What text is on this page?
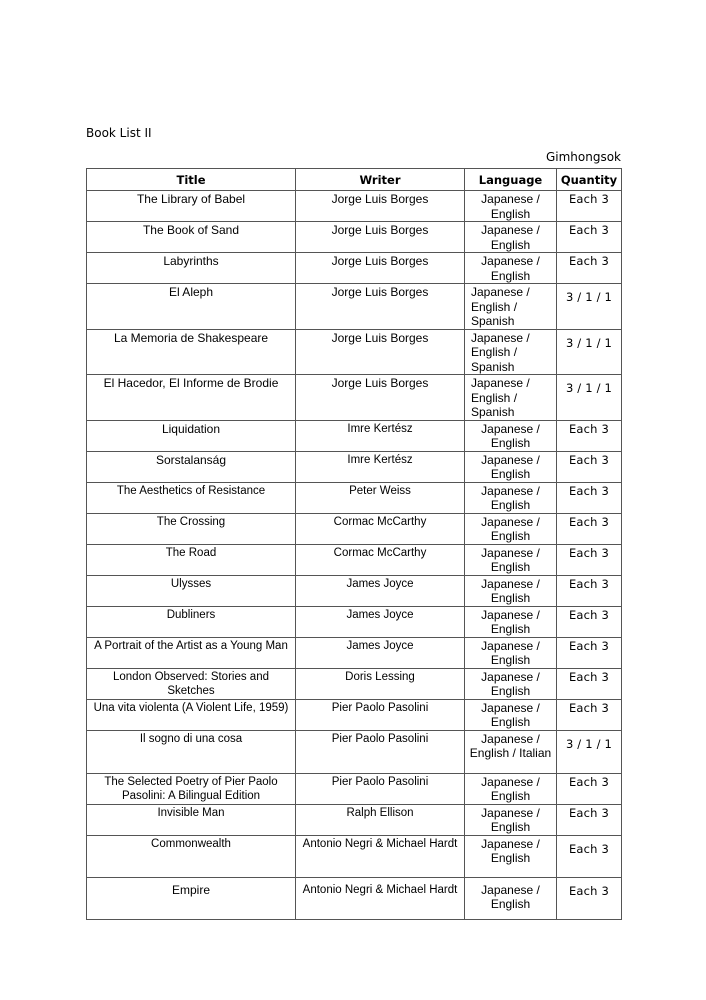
Book List II
Gimhongsok
Title	Writer	Language	Quantity
The Library of Babel	Jorge Luis Borges	Japanese / English	Each 3
The Book of Sand	Jorge Luis Borges	Japanese / English	Each 3
Labyrinths	Jorge Luis Borges	Japanese / English	Each 3
El Aleph	Jorge Luis Borges	Japanese / English / Spanish	3 / 1 / 1
La Memoria de Shakespeare	Jorge Luis Borges	Japanese / English / Spanish	3 / 1 / 1
El Hacedor, El Informe de Brodie	Jorge Luis Borges	Japanese / English / Spanish	3 / 1 / 1
Liquidation	Imre Kertész	Japanese / English	Each 3
Sorstalanság	Imre Kertész	Japanese / English	Each 3
The Aesthetics of Resistance	Peter Weiss	Japanese / English	Each 3
The Crossing	Cormac McCarthy	Japanese / English	Each 3
The Road	Cormac McCarthy	Japanese / English	Each 3
Ulysses	James Joyce	Japanese / English	Each 3
Dubliners	James Joyce	Japanese / English	Each 3
A Portrait of the Artist as a Young Man	James Joyce	Japanese / English	Each 3
London Observed: Stories and Sketches	Doris Lessing	Japanese / English	Each 3
Una vita violenta (A Violent Life, 1959)	Pier Paolo Pasolini	Japanese / English	Each 3
Il sogno di una cosa	Pier Paolo Pasolini	Japanese / English / Italian	3 / 1 / 1
The Selected Poetry of Pier Paolo Pasolini: A Bilingual Edition	Pier Paolo Pasolini	Japanese / English	Each 3
Invisible Man	Ralph Ellison	Japanese / English	Each 3
Commonwealth	Antonio Negri & Michael Hardt	Japanese / English	Each 3
Empire	Antonio Negri & Michael Hardt	Japanese / English	Each 3
